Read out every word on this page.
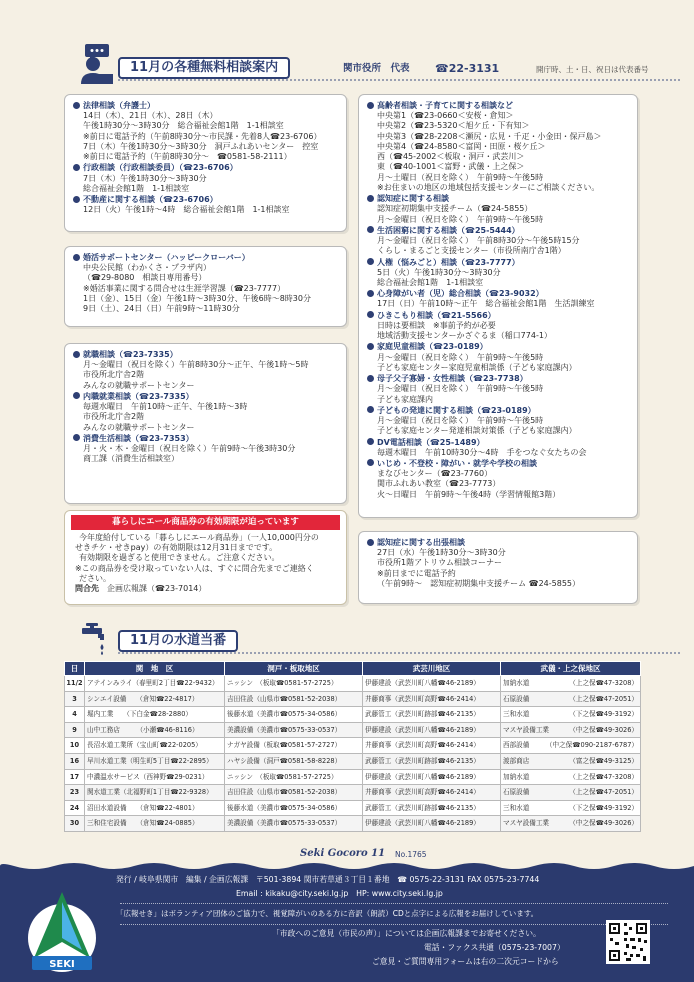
11月の各種無料相談案内	関市役所　代表 ☎22-3131	開庁時、土・日、祝日は代表番号
法律相談（弁護士）
14日（木）、21日（木）、28日（木）
午後1時30分～3時30分　総合福祉会館1階　1-1相談室
※前日に電話予約（午前8時30分～市民課・先着8人☎23-6706）
7日（木）午後1時30分～3時30分　洞戸ふれあいセンター　控室
※前日に電話予約（午前8時30分～　☎0581-58-2111）
行政相談（行政相談委員）（☎23-6706）
7日（木）午後1時30分～3時30分
総合福祉会館1階　1-1相談室
不動産に関する相談（☎23-6706）
12日（火）午後1時～4時　総合福祉会館1階　1-1相談室
婚活サポートセンター（ハッピークローバー）
中央公民館（わかくさ・プラザ内）
（☎29-8080　相談日専用番号）
※婚活事業に関する問合せは生涯学習課（☎23-7777）
1日（金）、15日（金）午後1時～3時30分、午後6時～8時30分
9日（土）、24日（日）午前9時～11時30分
就職相談（☎23-7335）
月～金曜日（祝日を除く）午前8時30分～正午、午後1時～5時
市役所北庁舎2階
みんなの就職サポートセンター
内職就業相談（☎23-7335）
毎週水曜日　午前10時～正午、午後1時～3時
市役所北庁舎2階
みんなの就職サポートセンター
消費生活相談（☎23-7353）
月・火・木・金曜日（祝日を除く）午前9時～午後3時30分
商工課（消費生活相談室）
高齢者相談・子育てに関する相談など
中央第1（☎23-0660＜安桜・倉知＞
中央第2（☎23-5320＜旭ケ丘・下有知＞
中央第3（☎28-2208＜瀬尻・広見・千疋・小金田・保戸島＞
中央第4（☎24-8580＜富岡・田原・桜ケ丘＞
西（☎45-2002＜板取・洞戸・武芸川＞
東（☎40-1001＜富野・武儀・上之保＞
月～土曜日（祝日を除く）　午前9時～午後5時
※お住まいの地区の地域包括支援センターにご相談ください。
認知症に関する相談
認知症初期集中支援チーム（☎24-5855）
月～金曜日（祝日を除く）　午前9時～午後5時
生活困窮に関する相談（☎25-5444）
月～金曜日（祝日を除く）　午前8時30分～午後5時15分
くらし・まるごと支援センター（市役所南庁舎1階）
人権（悩みごと）相談（☎23-7777）
5日（火）午後1時30分～3時30分
総合福祉会館1階　1-1相談室
心身障がい者（児）総合相談（☎23-9032）
17日（日）午前10時～正午　総合福祉会館1階　生活訓練室
ひきこもり相談（☎21-5566）
日時は要相談　※事前予約が必要
地域活動支援センターかざぐるま（稲口774-1）
家庭児童相談（☎23-0189）
月～金曜日（祝日を除く）　午前9時～午後5時
子ども家庭センター家庭児童相談係（子ども家庭課内）
母子父子寡婦・女性相談（☎23-7738）
月～金曜日（祝日を除く）　午前9時～午後5時
子ども家庭課内
子どもの発達に関する相談（☎23-0189）
月～金曜日（祝日を除く）　午前9時～午後5時
子ども家庭センター発達相談対策係（子ども家庭課内）
DV電話相談（☎25-1489）
毎週木曜日　午前10時30分～4時　手をつなぐ女たちの会
いじめ・不登校・障がい・就学や学校の相談
まなびセンター（☎23-7760）
関市ふれあい教室（☎23-7773）
火～日曜日　午前9時～午後4時（学習情報館3階）
認知症に関する出張相談
27日（水）午後1時30分～3時30分
市役所1階アトリウム相談コーナー
※前日までに電話予約
（午前9時～　認知症初期集中支援チーム ☎24-5855）
暮らしにエール商品券の有効期限が迫っています
今年度給付している「暮らしにエール商品券」（一人10,000円分の
せきチケ・せきpay）の有効期限は12月31日までです。
有効期限を過ぎると使用できません。ご注意ください。
※この商品券を受け取っていない人は、すぐに問合先までご連絡く
ださい。
問合先　 企画広報課（☎23-7014）
11月の水道当番
日	関　地　区	洞戸・板取地区	武芸川地区	武儀・上之保地区
11/2	アテインみライ（春里町2丁目☎22-9432）	ニッシン　（板取☎0581-57-2725）	伊藤建設（武芸川町八幡☎46-2189）	加納水道 （上之保☎47-3208）

3	シンエイ設備　　（倉知☎22-4817）	吉田住設（山県市☎0581-52-2038）	井藤商事（武芸川町高野☎46-2414）	石原設備 （上之保☎47-2051）

4	堀内工業　　（下白金☎28-2880）	後藤水道（美濃市☎0575-34-0586）	武藤管工（武芸川町跡部☎46-2135）	三和水道 （下之保☎49-3192）

9	山中工務店　　　（小瀬☎46-8116）	美濃設備（美濃市☎0575-33-0537）	伊藤建設（武芸川町八幡☎46-2189）	マスヤ設備工業 （中之保☎49-3026）

10	長沼水道工業所（宝山町☎22-0205）	ナガヤ設備（板取☎0581-57-2727）	井藤商事（武芸川町高野☎46-2414）	西部設備 （中之保☎090-2187-6787）

16	早川水道工業（明生町5丁目☎22-2895）	ハヤシ設備（洞戸☎0581-58-8228）	武藤管工（武芸川町跡部☎46-2135）	渡部商店 （富之保☎49-3125）

17	中濃温水サービス（西神野☎29-0231）	ニッシン　（板取☎0581-57-2725）	伊藤建設（武芸川町八幡☎46-2189）	加納水道 （上之保☎47-3208）

23	関水道工業（北福野町1丁目☎22-9328）	吉田住設（山県市☎0581-52-2038）	井藤商事（武芸川町高野☎46-2414）	石原設備 （上之保☎47-2051）

24	沼田水道設備　　（倉知☎22-4801）	後藤水道（美濃市☎0575-34-0586）	武藤管工（武芸川町跡部☎46-2135）	三和水道 （下之保☎49-3192）

30	三和住宅設備　　（倉知☎24-0885）	美濃設備（美濃市☎0575-33-0537）	伊藤建設（武芸川町八幡☎46-2189）	マスヤ設備工業 （中之保☎49-3026）
Seki Gocoro 11 No.1765
SEKI
発行 / 岐阜県関市　編集 / 企画広報課　〒501-3894 関市若草通３丁目１番地　☎ 0575-22-3131 FAX 0575-23-7744
Email : kikaku@city.seki.lg.jp　HP: www.city.seki.lg.jp
「広報せき」はボランティア団体のご協力で、視覚障がいのある方に音訳（朗読）CDと点字による広報をお届けしています。
「市政へのご意見（市民の声）」については企画広報課までお寄せください。
電話・ファクス共通（0575-23-7007）
ご意見・ご質問専用フォームは右の二次元コードから
